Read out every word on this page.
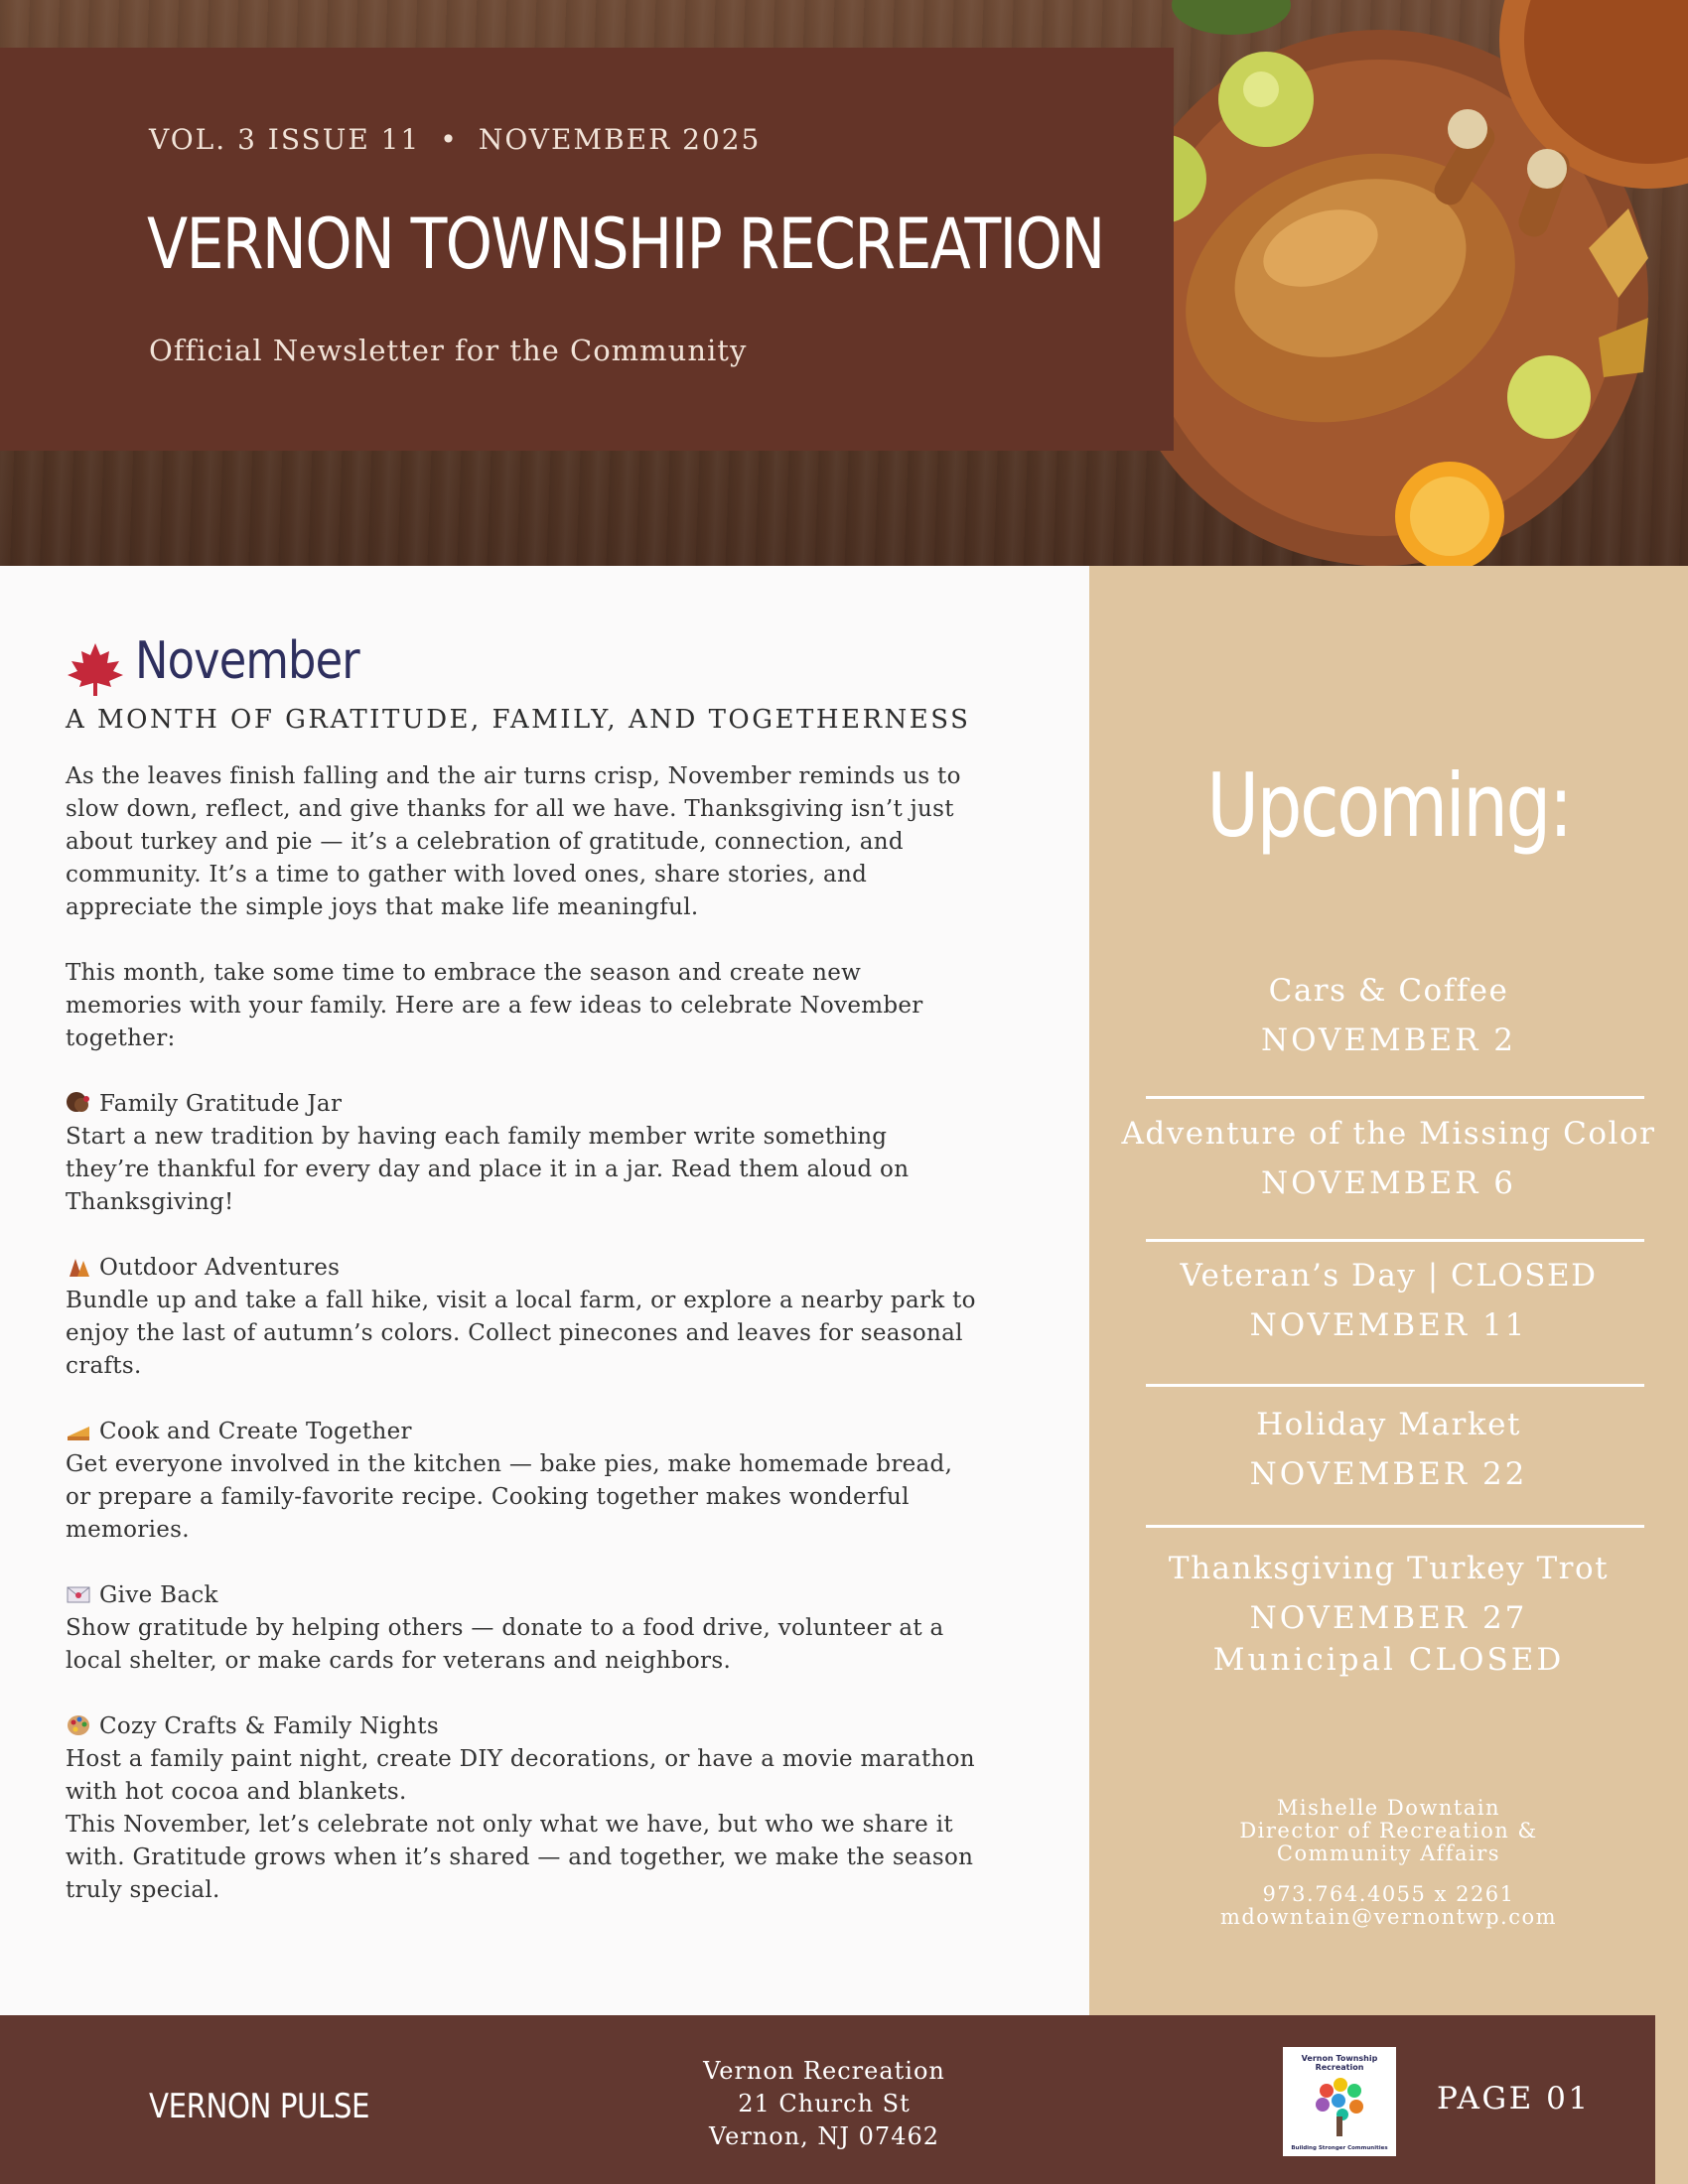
VOL. 3 ISSUE 11 • NOVEMBER 2025
VERNON TOWNSHIP RECREATION
Official Newsletter for the Community
November
A MONTH OF GRATITUDE, FAMILY, AND TOGETHERNESS

As the leaves finish falling and the air turns crisp, November reminds us to
slow down, reflect, and give thanks for all we have. Thanksgiving isn’t just
about turkey and pie — it’s a celebration of gratitude, connection, and
community. It’s a time to gather with loved ones, share stories, and
appreciate the simple joys that make life meaningful.

This month, take some time to embrace the season and create new
memories with your family. Here are a few ideas to celebrate November
together:

Family Gratitude Jar

Start a new tradition by having each family member write something
they’re thankful for every day and place it in a jar. Read them aloud on
Thanksgiving!

Outdoor Adventures

Bundle up and take a fall hike, visit a local farm, or explore a nearby park to
enjoy the last of autumn’s colors. Collect pinecones and leaves for seasonal
crafts.

Cook and Create Together

Get everyone involved in the kitchen — bake pies, make homemade bread,
or prepare a family-favorite recipe. Cooking together makes wonderful
memories.

Give Back

Show gratitude by helping others — donate to a food drive, volunteer at a
local shelter, or make cards for veterans and neighbors.

Cozy Crafts & Family Nights

Host a family paint night, create DIY decorations, or have a movie marathon
with hot cocoa and blankets.
This November, let’s celebrate not only what we have, but who we share it
with. Gratitude grows when it’s shared — and together, we make the season
truly special.

Upcoming:
Cars & Coffee
NOVEMBER 2
Adventure of the Missing Color
NOVEMBER 6
Veteran’s Day | CLOSED
NOVEMBER 11
Holiday Market
NOVEMBER 22
Thanksgiving Turkey Trot
NOVEMBER 27
Municipal CLOSED
Mishelle Downtain
Director of Recreation &
Community Affairs
973.764.4055 x 2261
mdowntain@vernontwp.com
VERNON PULSE
Vernon Recreation
21 Church St
Vernon, NJ 07462
Vernon Township
Recreation
Building Stronger Communities
PAGE 01
